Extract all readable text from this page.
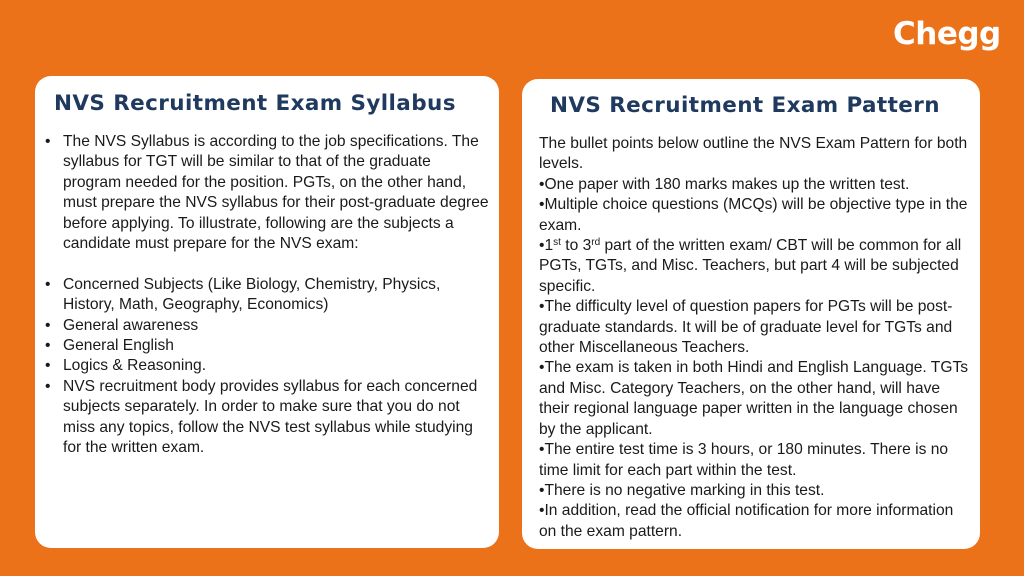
Chegg
NVS Recruitment Exam Syllabus
• The NVS Syllabus is according to the job specifications. The syllabus for TGT will be similar to that of the graduate program needed for the position. PGTs, on the other hand, must prepare the NVS syllabus for their post-graduate degree before applying. To illustrate, following are the subjects a candidate must prepare for the NVS exam:
• Concerned Subjects (Like Biology, Chemistry, Physics, History, Math, Geography, Economics)
• General awareness
• General English
• Logics & Reasoning.
• NVS recruitment body provides syllabus for each concerned subjects separately. In order to make sure that you do not miss any topics, follow the NVS test syllabus while studying for the written exam.
NVS Recruitment Exam Pattern

The bullet points below outline the NVS Exam Pattern for both levels.

•One paper with 180 marks makes up the written test.

•Multiple choice questions (MCQs) will be objective type in the exam.

•1st to 3rd part of the written exam/ CBT will be common for all PGTs, TGTs, and Misc. Teachers, but part 4 will be subjected specific.

•The difficulty level of question papers for PGTs will be post-graduate standards. It will be of graduate level for TGTs and other Miscellaneous Teachers.

•The exam is taken in both Hindi and English Language. TGTs and Misc. Category Teachers, on the other hand, will have their regional language paper written in the language chosen by the applicant.

•The entire test time is 3 hours, or 180 minutes. There is no time limit for each part within the test.

•There is no negative marking in this test.

•In addition, read the official notification for more information on the exam pattern.
